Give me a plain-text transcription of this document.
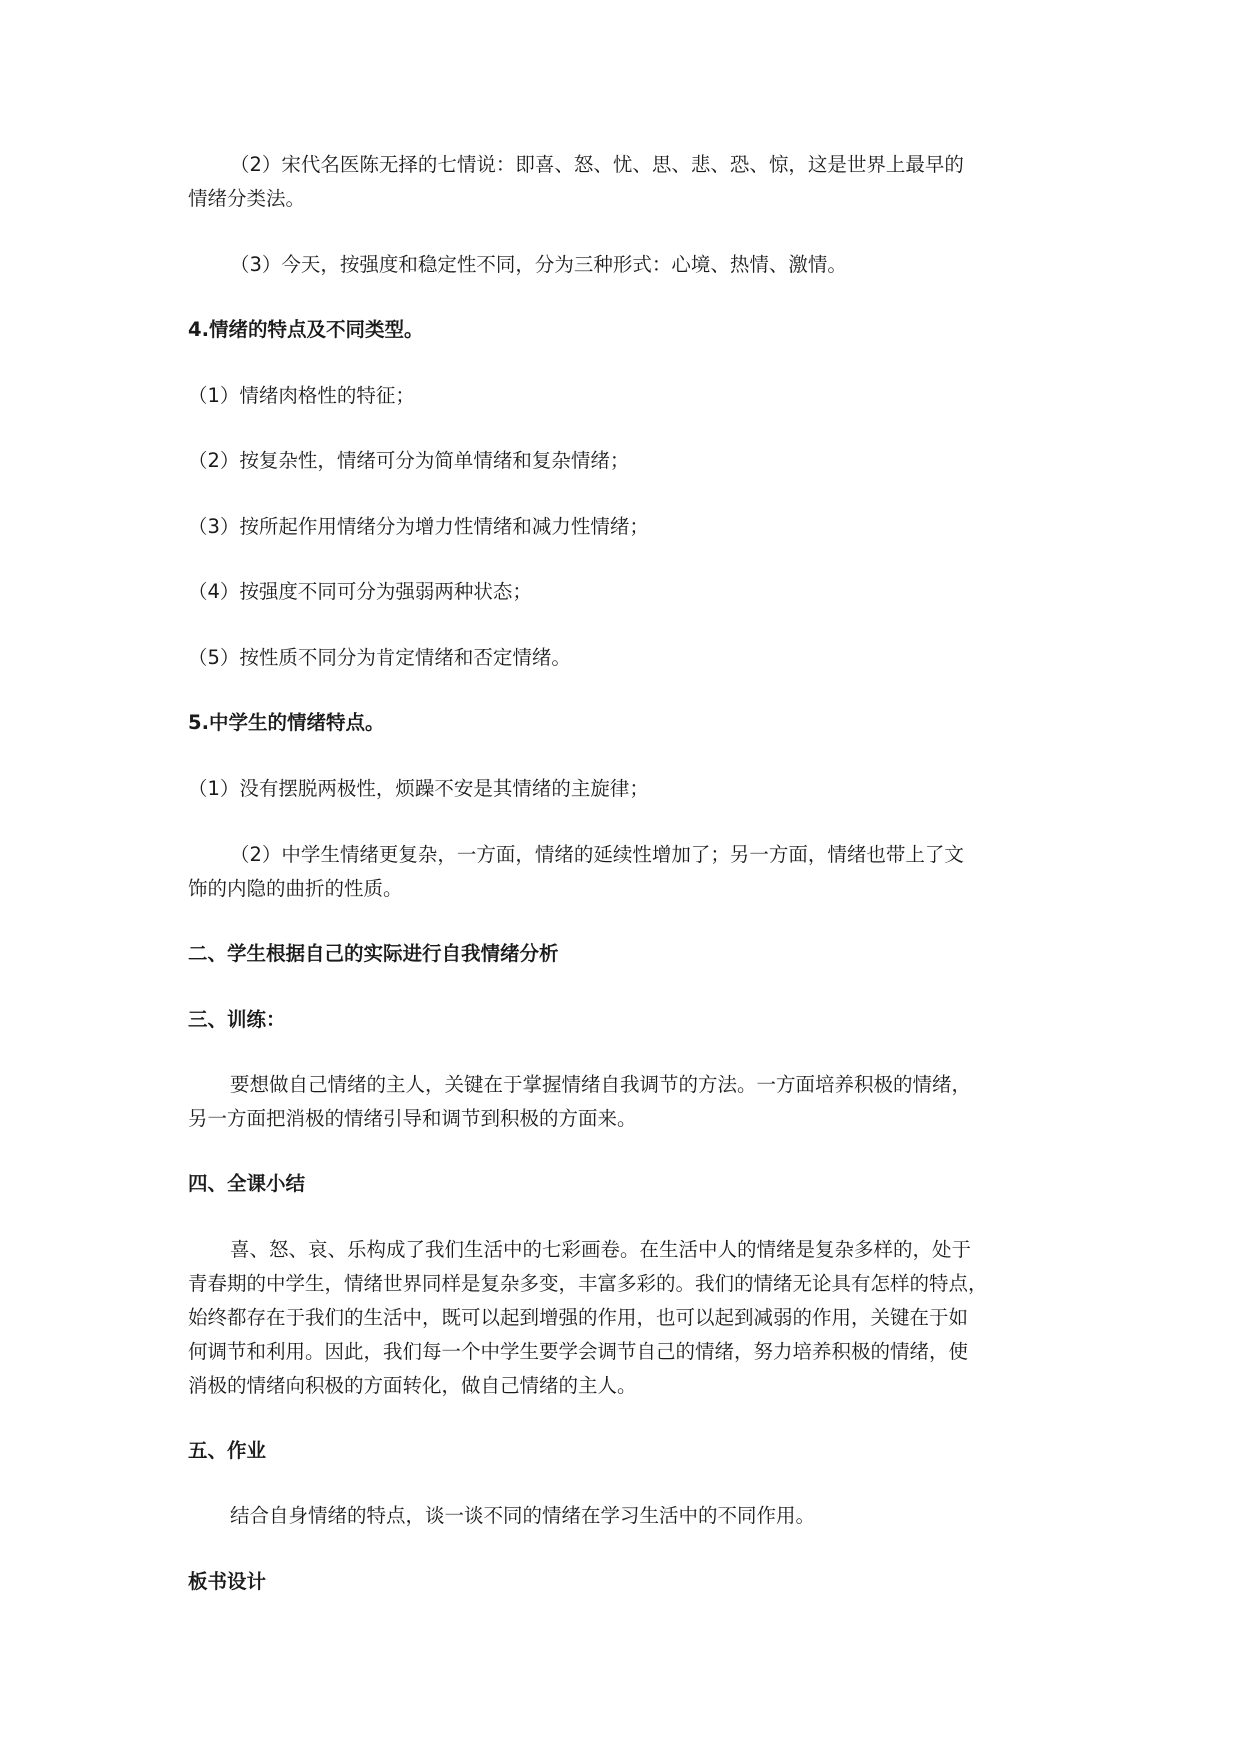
（2）宋代名医陈无择的七情说：即喜、怒、忧、思、悲、恐、惊，这是世界上最早的
情绪分类法。
（3）今天，按强度和稳定性不同，分为三种形式：心境、热情、激情。
4.情绪的特点及不同类型。
（1）情绪肉格性的特征；
（2）按复杂性，情绪可分为简单情绪和复杂情绪；
（3）按所起作用情绪分为增力性情绪和减力性情绪；
（4）按强度不同可分为强弱两种状态；
（5）按性质不同分为肯定情绪和否定情绪。
5.中学生的情绪特点。
（1）没有摆脱两极性，烦躁不安是其情绪的主旋律；
（2）中学生情绪更复杂，一方面，情绪的延续性增加了；另一方面，情绪也带上了文
饰的内隐的曲折的性质。
二、学生根据自己的实际进行自我情绪分析
三、训练：
要想做自己情绪的主人，关键在于掌握情绪自我调节的方法。一方面培养积极的情绪，
另一方面把消极的情绪引导和调节到积极的方面来。
四、全课小结
喜、怒、哀、乐构成了我们生活中的七彩画卷。在生活中人的情绪是复杂多样的，处于
青春期的中学生，情绪世界同样是复杂多变，丰富多彩的。我们的情绪无论具有怎样的特点，
始终都存在于我们的生活中，既可以起到增强的作用，也可以起到减弱的作用，关键在于如
何调节和利用。因此，我们每一个中学生要学会调节自己的情绪，努力培养积极的情绪，使
消极的情绪向积极的方面转化，做自己情绪的主人。
五、作业
结合自身情绪的特点，谈一谈不同的情绪在学习生活中的不同作用。
板书设计
